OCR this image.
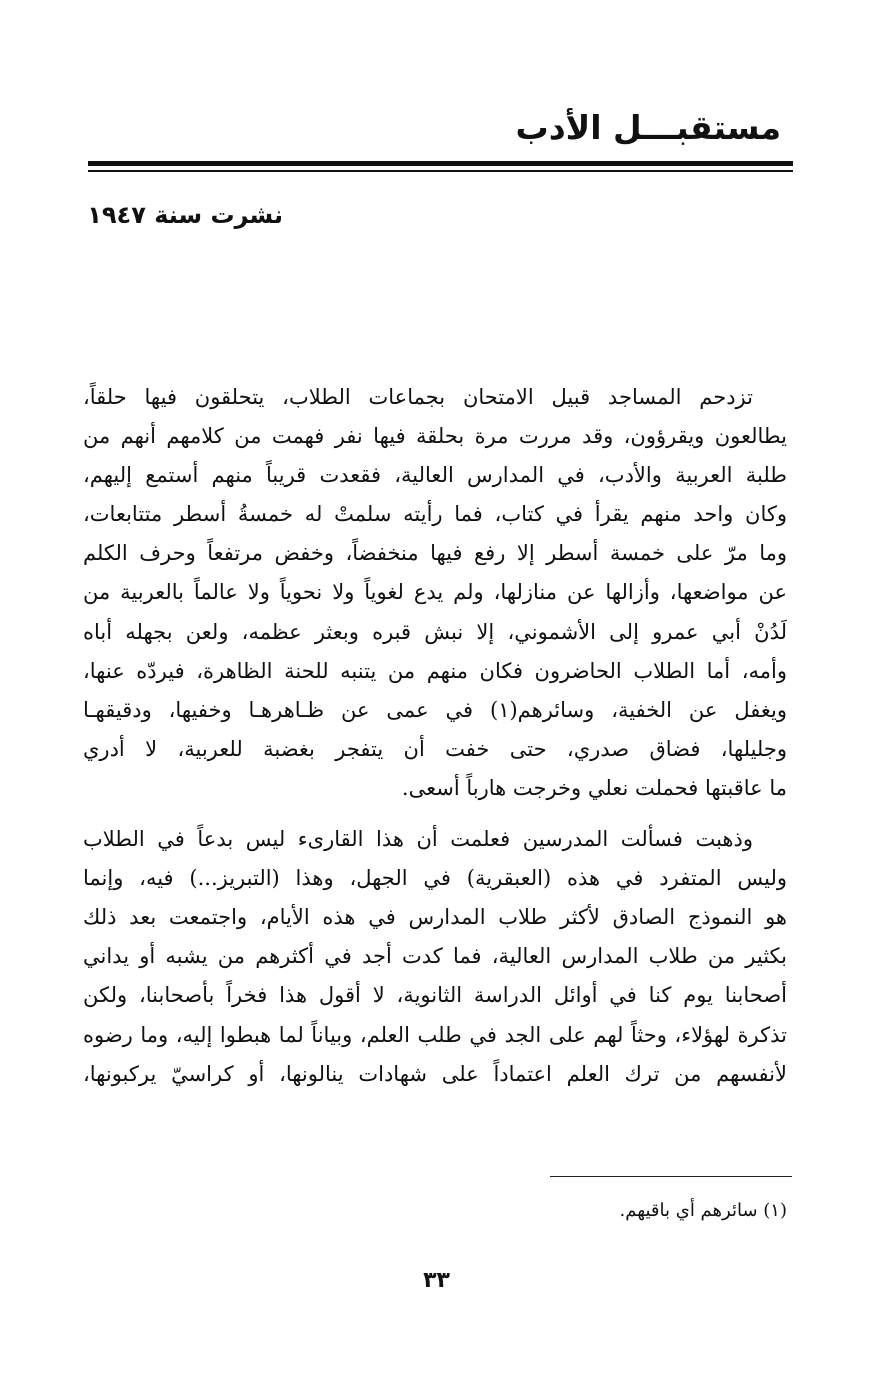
مستقبـــل الأدب
نشرت سنة ١٩٤٧

تزدحم المساجد قبيل الامتحان بجماعات الطلاب، يتحلقون فيها حلقاً،
يطالعون ويقرؤون، وقد مررت مرة بحلقة فيها نفر فهمت من كلامهم أنهم من
طلبة العربية والأدب، في المدارس العالية، فقعدت قريباً منهم أستمع إليهم،
وكان واحد منهم يقرأ في كتاب، فما رأيته سلمتْ له خمسةُ أسطر متتابعات،
وما مرّ على خمسة أسطر إلا رفع فيها منخفضاً، وخفض مرتفعاً وحرف الكلم
عن مواضعها، وأزالها عن منازلها، ولم يدع لغوياً ولا نحوياً ولا عالماً بالعربية من
لَدُنْ أبي عمرو إلى الأشموني، إلا نبش قبره وبعثر عظمه، ولعن بجهله أباه
وأمه، أما الطلاب الحاضرون فكان منهم من يتنبه للحنة الظاهرة، فيردّه عنها،
ويغفل عن الخفية، وسائرهم(١) في عمى عن ظـاهرهـا وخفيها، ودقيقهـا
وجليلها، فضاق صدري، حتى خفت أن يتفجر بغضبة للعربية، لا أدري
ما عاقبتها فحملت نعلي وخرجت هارباً أسعى.

وذهبت فسألت المدرسين فعلمت أن هذا القارىء ليس بدعاً في الطلاب
وليس المتفرد في هذه (العبقرية) في الجهل، وهذا (التبريز...) فيه، وإنما
هو النموذج الصادق لأكثر طلاب المدارس في هذه الأيام، واجتمعت بعد ذلك
بكثير من طلاب المدارس العالية، فما كدت أجد في أكثرهم من يشبه أو يداني
أصحابنا يوم كنا في أوائل الدراسة الثانوية، لا أقول هذا فخراً بأصحابنا، ولكن
تذكرة لهؤلاء، وحثاً لهم على الجد في طلب العلم، وبياناً لما هبطوا إليه، وما رضوه
لأنفسهم من ترك العلم اعتماداً على شهادات ينالونها، أو كراسيّ يركبونها،

(١) سائرهم أي باقيهم.
٣٣
